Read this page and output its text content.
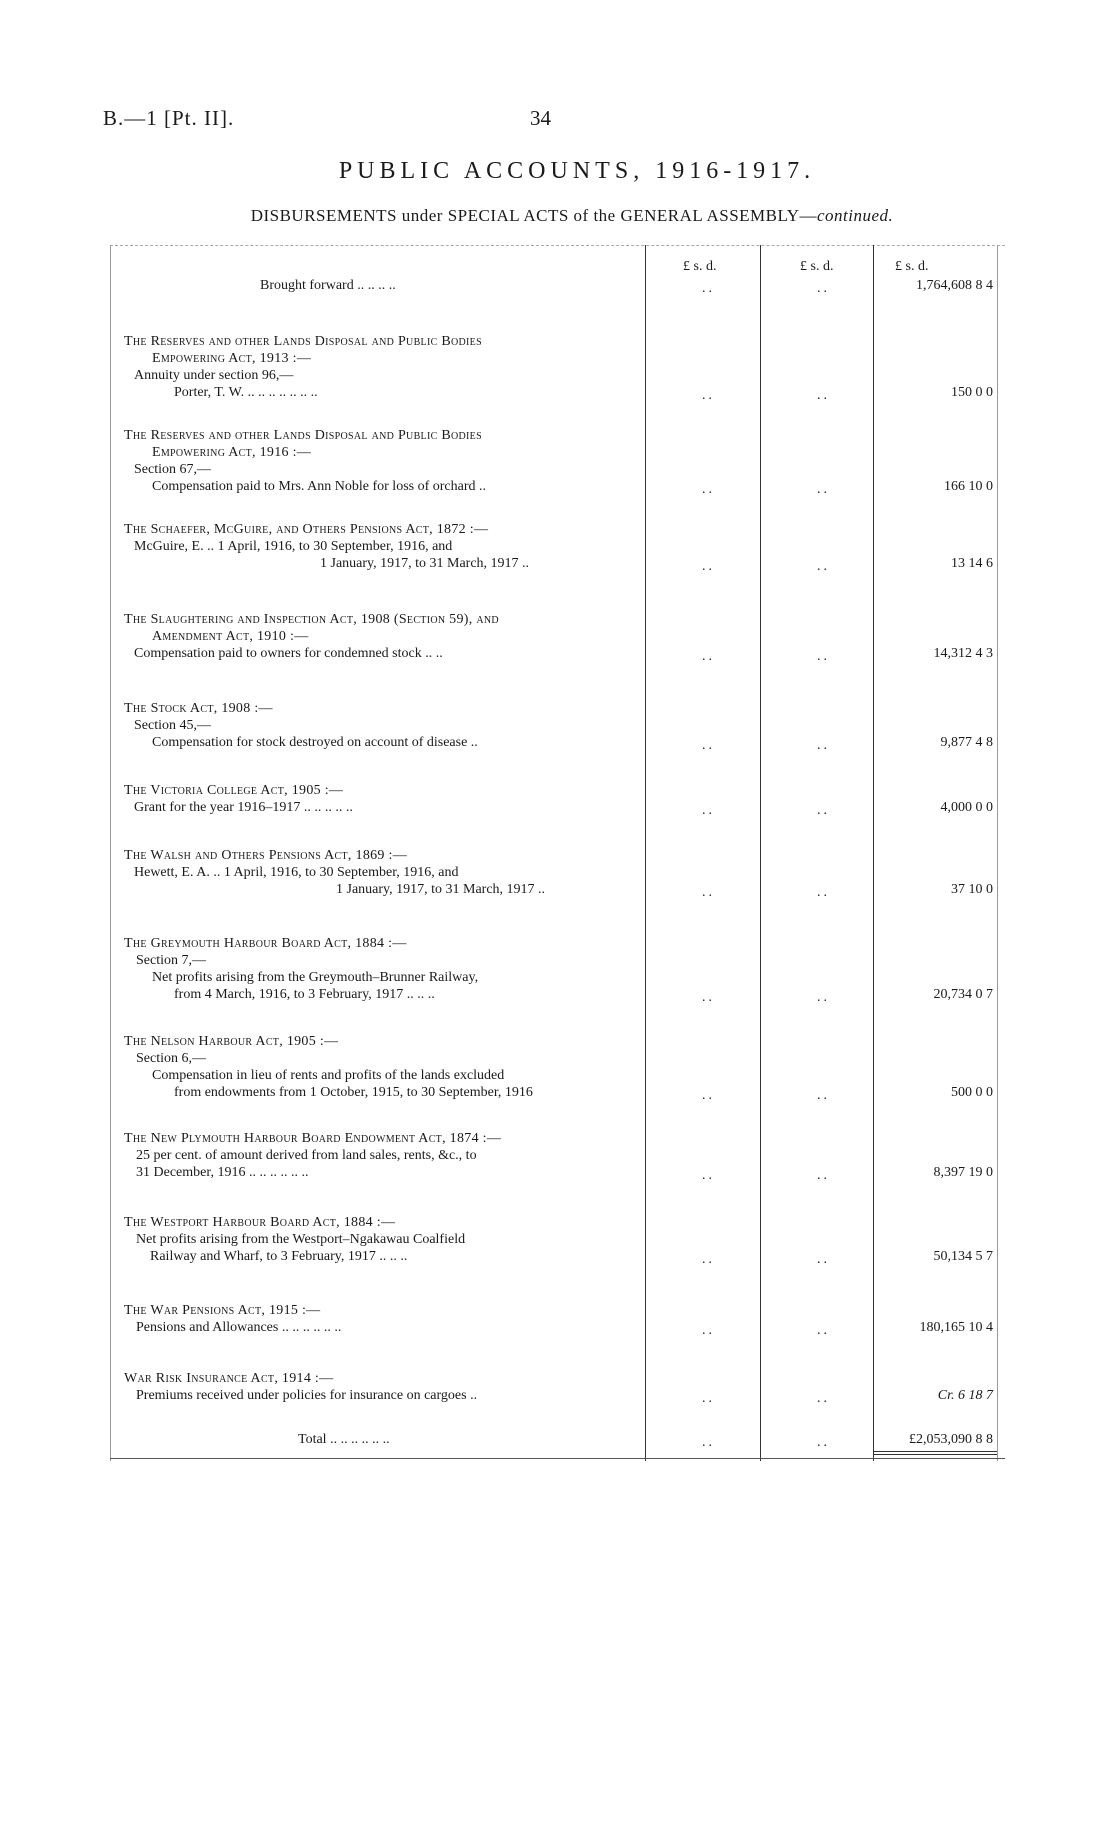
B.—1 [Pt. II].	34
PUBLIC ACCOUNTS, 1916-1917.
DISBURSEMENTS under SPECIAL ACTS of the GENERAL ASSEMBLY—continued.
£ s. d.	£ s. d.	£ s. d.
Brought forward .. .. .. ..	..	..	1,764,608 8 4
The Reserves and other Lands Disposal and Public Bodies
Empowering Act, 1913 :—
Annuity under section 96,—
Porter, T. W. .. .. .. .. .. .. ..	..	..	150 0 0
The Reserves and other Lands Disposal and Public Bodies
Empowering Act, 1916 :—
Section 67,—
Compensation paid to Mrs. Ann Noble for loss of orchard ..	..	..	166 10 0
The Schaefer, McGuire, and Others Pensions Act, 1872 :—
McGuire, E. .. 1 April, 1916, to 30 September, 1916, and
1 January, 1917, to 31 March, 1917 ..	..	..	13 14 6
The Slaughtering and Inspection Act, 1908 (Section 59), and
Amendment Act, 1910 :—
Compensation paid to owners for condemned stock .. ..	..	..	14,312 4 3
The Stock Act, 1908 :—
Section 45,—
Compensation for stock destroyed on account of disease ..	..	..	9,877 4 8
The Victoria College Act, 1905 :—
Grant for the year 1916–1917 .. .. .. .. ..	..	..	4,000 0 0
The Walsh and Others Pensions Act, 1869 :—
Hewett, E. A. .. 1 April, 1916, to 30 September, 1916, and
1 January, 1917, to 31 March, 1917 ..	..	..	37 10 0
The Greymouth Harbour Board Act, 1884 :—
Section 7,—
Net profits arising from the Greymouth–Brunner Railway,
from 4 March, 1916, to 3 February, 1917 .. .. ..	..	..	20,734 0 7
The Nelson Harbour Act, 1905 :—
Section 6,—
Compensation in lieu of rents and profits of the lands excluded
from endowments from 1 October, 1915, to 30 September, 1916	..	..	500 0 0
The New Plymouth Harbour Board Endowment Act, 1874 :—
25 per cent. of amount derived from land sales, rents, &c., to
31 December, 1916 .. .. .. .. .. ..	..	..	8,397 19 0
The Westport Harbour Board Act, 1884 :—
Net profits arising from the Westport–Ngakawau Coalfield
Railway and Wharf, to 3 February, 1917 .. .. ..	..	..	50,134 5 7
The War Pensions Act, 1915 :—
Pensions and Allowances .. .. .. .. .. ..	..	..	180,165 10 4
War Risk Insurance Act, 1914 :—
Premiums received under policies for insurance on cargoes ..	..	..	Cr. 6 18 7
Total .. .. .. .. .. ..	..	..	£2,053,090 8 8
